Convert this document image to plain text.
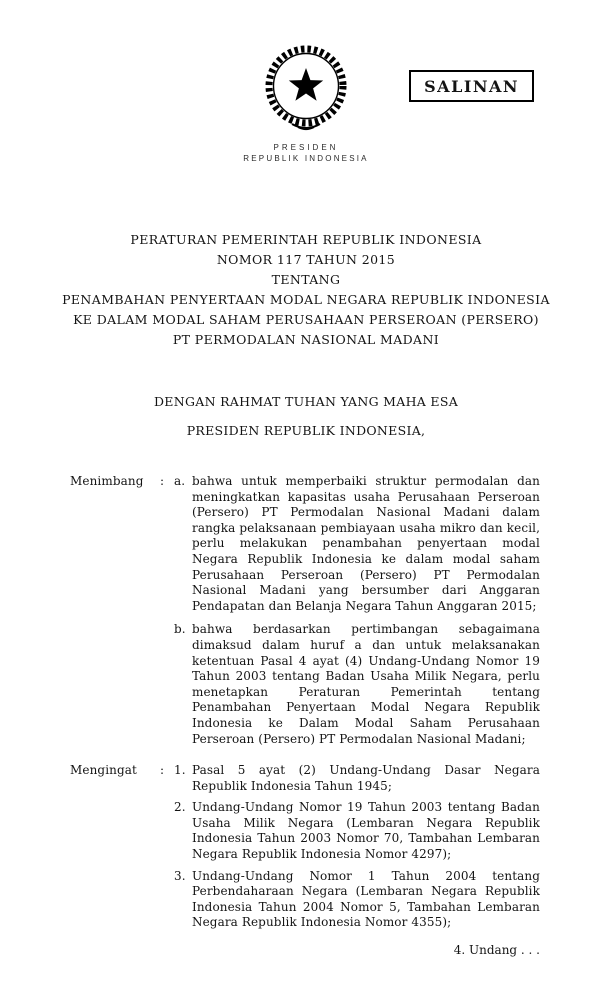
SALINAN
PRESIDEN
REPUBLIK INDONESIA
PERATURAN PEMERINTAH REPUBLIK INDONESIA
NOMOR 117 TAHUN 2015
TENTANG
PENAMBAHAN PENYERTAAN MODAL NEGARA REPUBLIK INDONESIA
KE DALAM MODAL SAHAM PERUSAHAAN PERSEROAN (PERSERO)
PT PERMODALAN NASIONAL MADANI
DENGAN RAHMAT TUHAN YANG MAHA ESA
PRESIDEN REPUBLIK INDONESIA,
Menimbang	: a. bahwa untuk memperbaiki struktur permodalan dan meningkatkan kapasitas usaha Perusahaan Perseroan (Persero) PT Permodalan Nasional Madani dalam rangka pelaksanaan pembiayaan usaha mikro dan kecil, perlu melakukan penambahan penyertaan modal Negara Republik Indonesia ke dalam modal saham Perusahaan Perseroan (Persero) PT Permodalan Nasional Madani yang bersumber dari Anggaran Pendapatan dan Belanja Negara Tahun Anggaran 2015;
b. bahwa berdasarkan pertimbangan sebagaimana dimaksud dalam huruf a dan untuk melaksanakan ketentuan Pasal 4 ayat (4) Undang-Undang Nomor 19 Tahun 2003 tentang Badan Usaha Milik Negara, perlu menetapkan Peraturan Pemerintah tentang Penambahan Penyertaan Modal Negara Republik Indonesia ke Dalam Modal Saham Perusahaan Perseroan (Persero) PT Permodalan Nasional Madani;
Mengingat	: 1. Pasal 5 ayat (2) Undang-Undang Dasar Negara Republik Indonesia Tahun 1945;
2. Undang-Undang Nomor 19 Tahun 2003 tentang Badan Usaha Milik Negara (Lembaran Negara Republik Indonesia Tahun 2003 Nomor 70, Tambahan Lembaran Negara Republik Indonesia Nomor 4297);
3. Undang-Undang Nomor 1 Tahun 2004 tentang Perbendaharaan Negara (Lembaran Negara Republik Indonesia Tahun 2004 Nomor 5, Tambahan Lembaran Negara Republik Indonesia Nomor 4355);
4. Undang . . .
